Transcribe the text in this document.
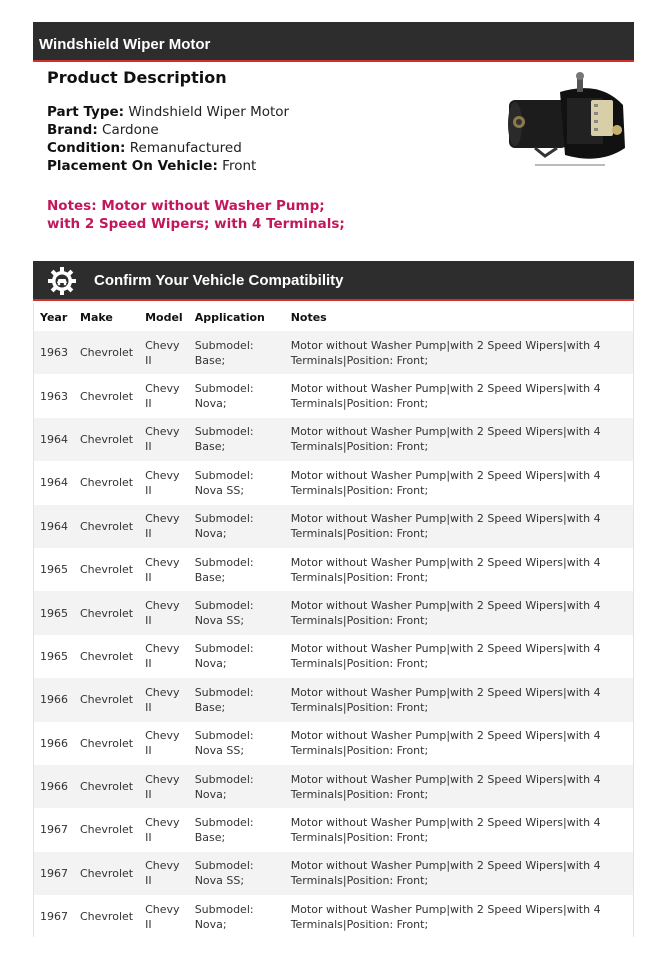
Windshield Wiper Motor
Product Description
Part Type: Windshield Wiper Motor
Brand: Cardone
Condition: Remanufactured
Placement On Vehicle: Front
Notes: Motor without Washer Pump;
with 2 Speed Wipers; with 4 Terminals;
Confirm Your Vehicle Compatibility
Year	Make	Model	Application	Notes
1963	Chevrolet	Chevy II	Submodel: Base;	Motor without Washer Pump|with 2 Speed Wipers|with 4 Terminals|Position: Front;
1963	Chevrolet	Chevy II	Submodel: Nova;	Motor without Washer Pump|with 2 Speed Wipers|with 4 Terminals|Position: Front;
1964	Chevrolet	Chevy II	Submodel: Base;	Motor without Washer Pump|with 2 Speed Wipers|with 4 Terminals|Position: Front;
1964	Chevrolet	Chevy II	Submodel: Nova SS;	Motor without Washer Pump|with 2 Speed Wipers|with 4 Terminals|Position: Front;
1964	Chevrolet	Chevy II	Submodel: Nova;	Motor without Washer Pump|with 2 Speed Wipers|with 4 Terminals|Position: Front;
1965	Chevrolet	Chevy II	Submodel: Base;	Motor without Washer Pump|with 2 Speed Wipers|with 4 Terminals|Position: Front;
1965	Chevrolet	Chevy II	Submodel: Nova SS;	Motor without Washer Pump|with 2 Speed Wipers|with 4 Terminals|Position: Front;
1965	Chevrolet	Chevy II	Submodel: Nova;	Motor without Washer Pump|with 2 Speed Wipers|with 4 Terminals|Position: Front;
1966	Chevrolet	Chevy II	Submodel: Base;	Motor without Washer Pump|with 2 Speed Wipers|with 4 Terminals|Position: Front;
1966	Chevrolet	Chevy II	Submodel: Nova SS;	Motor without Washer Pump|with 2 Speed Wipers|with 4 Terminals|Position: Front;
1966	Chevrolet	Chevy II	Submodel: Nova;	Motor without Washer Pump|with 2 Speed Wipers|with 4 Terminals|Position: Front;
1967	Chevrolet	Chevy II	Submodel: Base;	Motor without Washer Pump|with 2 Speed Wipers|with 4 Terminals|Position: Front;
1967	Chevrolet	Chevy II	Submodel: Nova SS;	Motor without Washer Pump|with 2 Speed Wipers|with 4 Terminals|Position: Front;
1967	Chevrolet	Chevy II	Submodel: Nova;	Motor without Washer Pump|with 2 Speed Wipers|with 4 Terminals|Position: Front;
